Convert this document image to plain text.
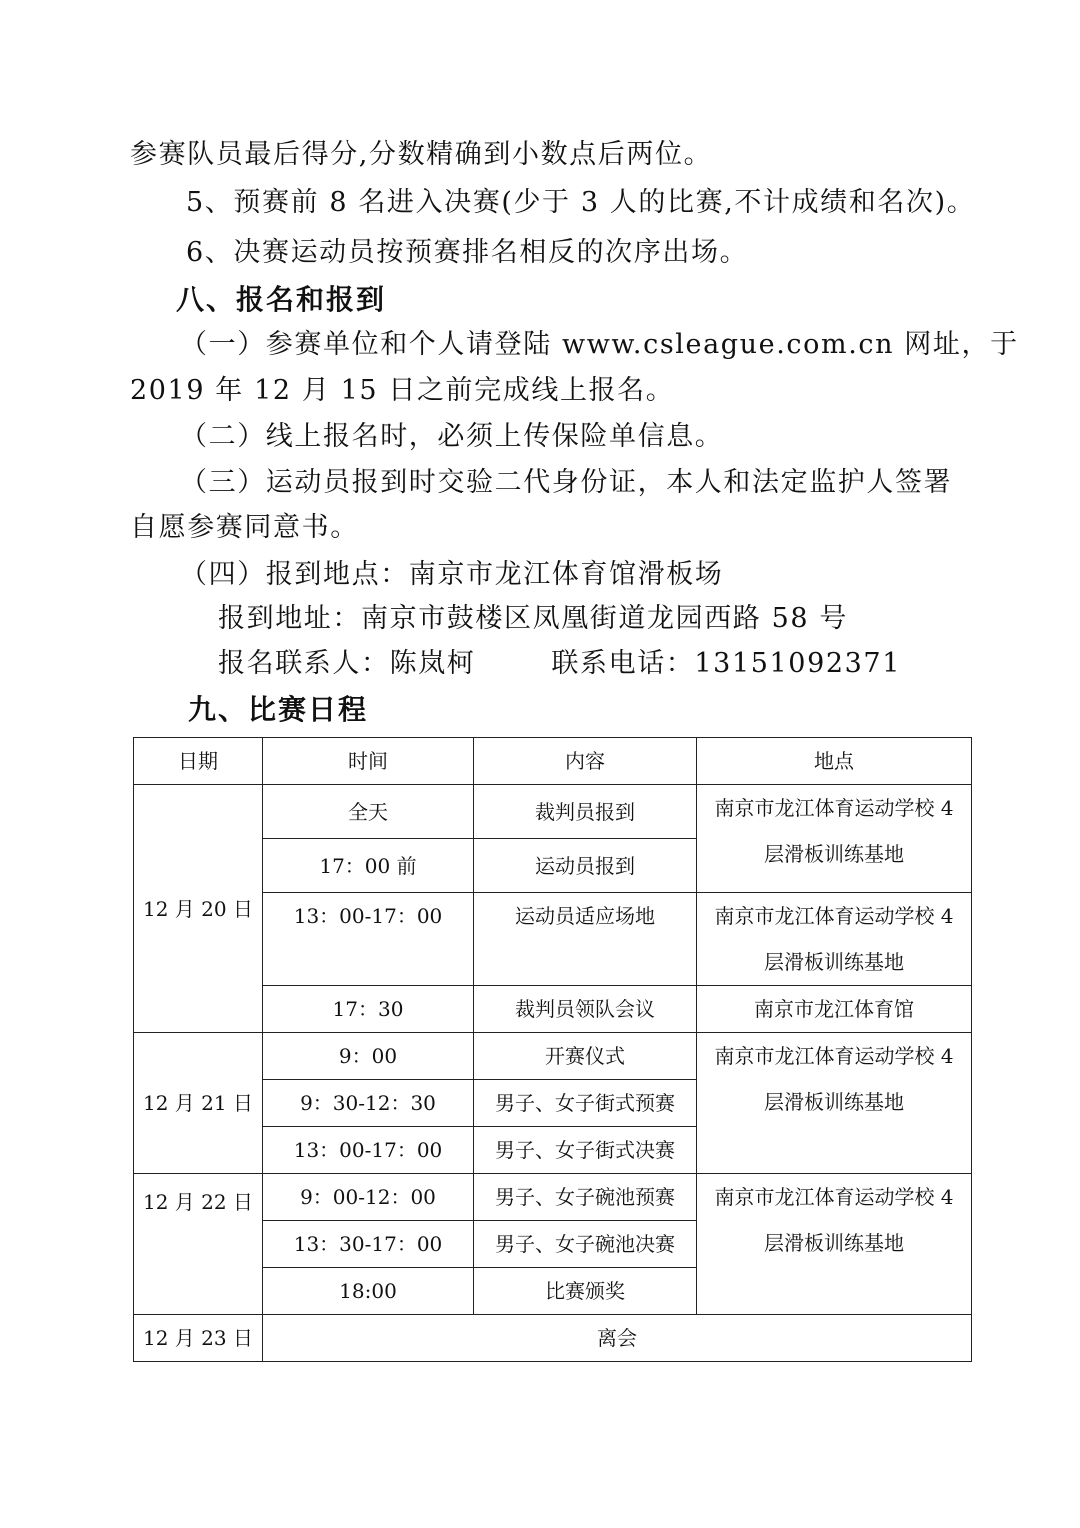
参赛队员最后得分,分数精确到小数点后两位。
5、预赛前 8 名进入决赛(少于 3 人的比赛,不计成绩和名次)。
6、决赛运动员按预赛排名相反的次序出场。
八、报名和报到
（一）参赛单位和个人请登陆 www.csleague.com.cn 网址，于
2019 年 12 月 15 日之前完成线上报名。
（二）线上报名时，必须上传保险单信息。
（三）运动员报到时交验二代身份证，本人和法定监护人签署
自愿参赛同意书。
（四）报到地点：南京市龙江体育馆滑板场
报到地址：南京市鼓楼区凤凰街道龙园西路 58 号
报名联系人：陈岚柯	联系电话：13151092371
九、比赛日程
日期	时间	内容	地点
12 月 20 日	全天	裁判员报到	南京市龙江体育运动学校 4
层滑板训练基地

	17：00 前	运动员报到	
	13：00-17：00	运动员适应场地	南京市龙江体育运动学校 4
层滑板训练基地

	17：30	裁判员领队会议	南京市龙江体育馆
12 月 21 日	9：00	开赛仪式	南京市龙江体育运动学校 4
层滑板训练基地

	9：30-12：30	男子、女子街式预赛	
	13：00-17：00	男子、女子街式决赛	
12 月 22 日	9：00-12：00	男子、女子碗池预赛	南京市龙江体育运动学校 4
层滑板训练基地

	13：30-17：00	男子、女子碗池决赛	
	18:00	比赛颁奖	
12 月 23 日	离会		
